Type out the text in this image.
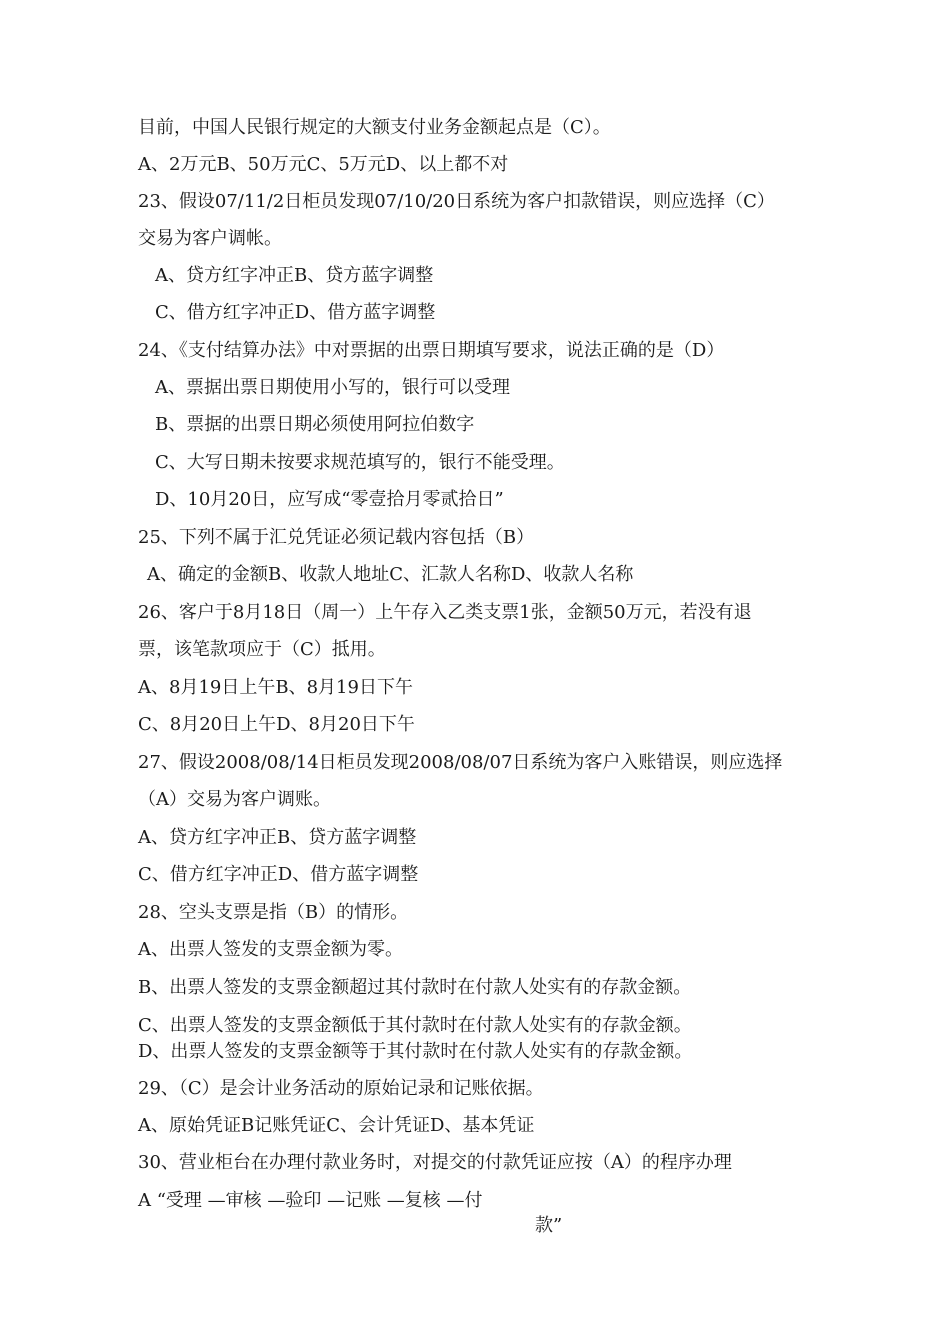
目前，中国人民银行规定的大额支付业务金额起点是（C）。

A、2万元B、50万元C、5万元D、以上都不对

23、假设07/11/2日柜员发现07/10/20日系统为客户扣款错误，则应选择（C）

交易为客户调帐。

A、贷方红字冲正B、贷方蓝字调整

C、借方红字冲正D、借方蓝字调整

24、《支付结算办法》中对票据的出票日期填写要求，说法正确的是（D）

A、票据出票日期使用小写的，银行可以受理

B、票据的出票日期必须使用阿拉伯数字

C、大写日期未按要求规范填写的，银行不能受理。

D、10月20日，应写成“零壹拾月零贰拾日”

25、下列不属于汇兑凭证必须记载内容包括（B）

A、确定的金额B、收款人地址C、汇款人名称D、收款人名称

26、客户于8月18日（周一）上午存入乙类支票1张，金额50万元，若没有退

票，该笔款项应于（C）抵用。

A、8月19日上午B、8月19日下午

C、8月20日上午D、8月20日下午

27、假设2008/08/14日柜员发现2008/08/07日系统为客户入账错误，则应选择

（A）交易为客户调账。

A、贷方红字冲正B、贷方蓝字调整

C、借方红字冲正D、借方蓝字调整

28、空头支票是指（B）的情形。

A、出票人签发的支票金额为零。

B、出票人签发的支票金额超过其付款时在付款人处实有的存款金额。

C、出票人签发的支票金额低于其付款时在付款人处实有的存款金额。

D、出票人签发的支票金额等于其付款时在付款人处实有的存款金额。

29、（C）是会计业务活动的原始记录和记账依据。

A、原始凭证B记账凭证C、会计凭证D、基本凭证

30、营业柜台在办理付款业务时，对提交的付款凭证应按（A）的程序办理

A “受理 —审核 —验印 —记账 —复核 —付

款”
